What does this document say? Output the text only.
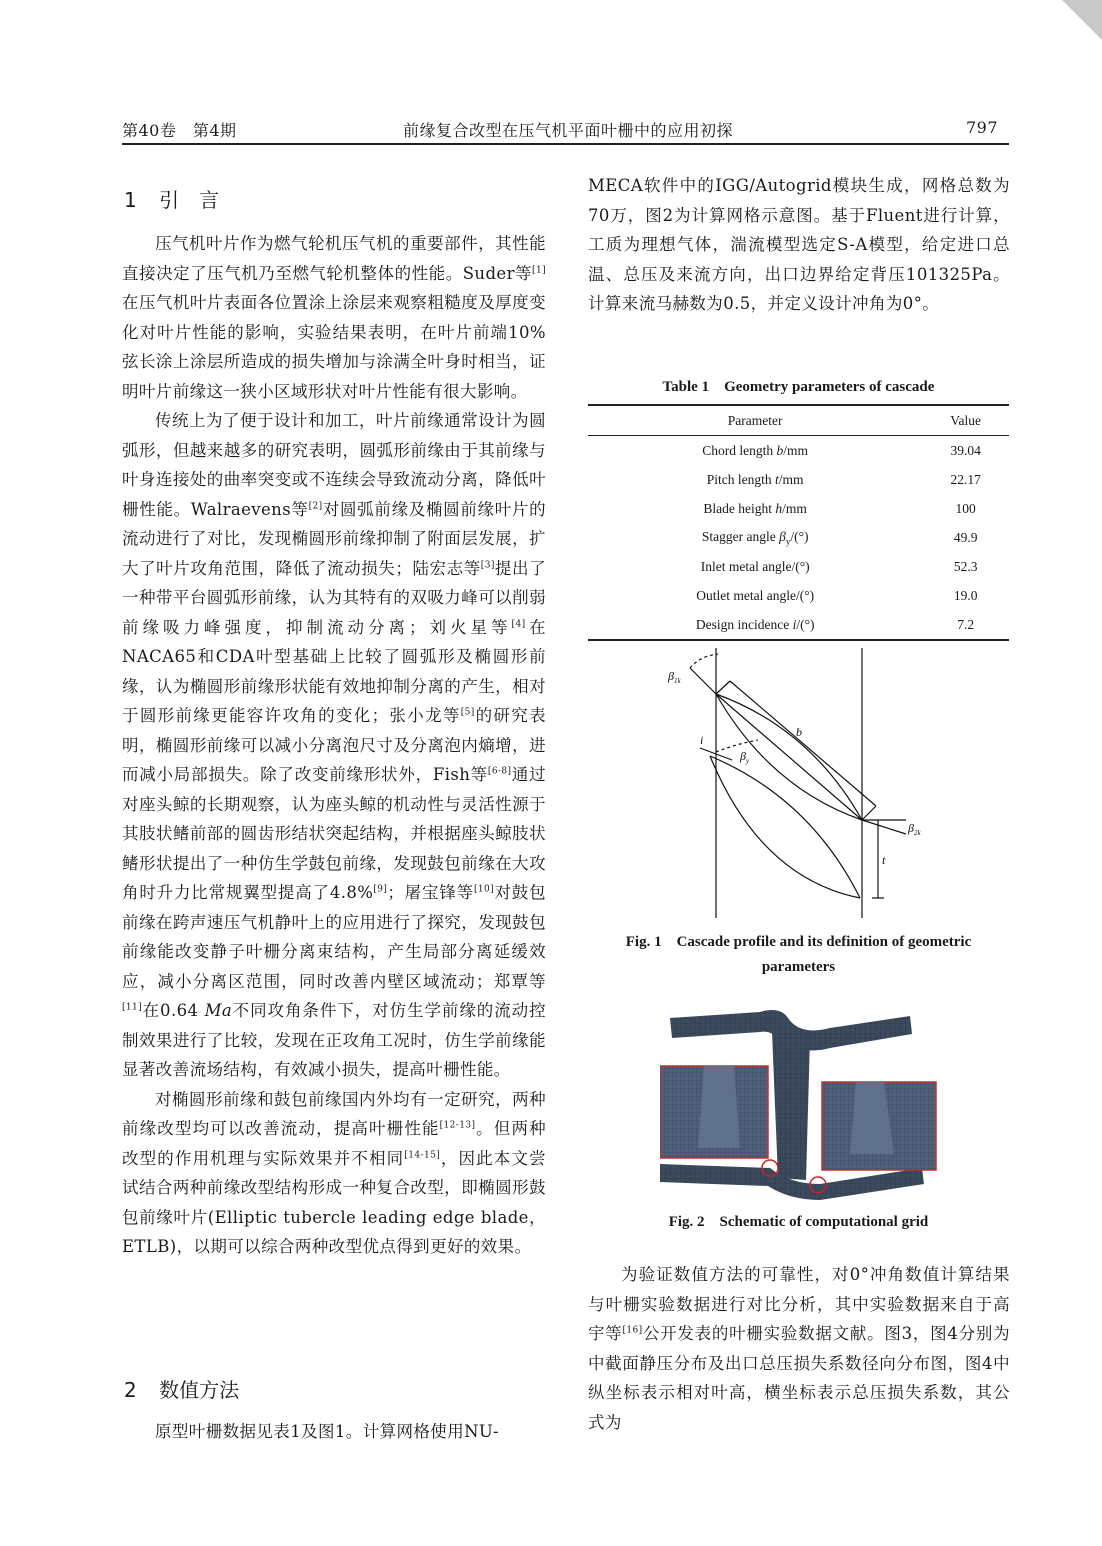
第40卷　第4期	前缘复合改型在压气机平面叶栅中的应用初探	797
1 引　言

压气机叶片作为燃气轮机压气机的重要部件，其性能直接决定了压气机乃至燃气轮机整体的性能。Suder等[1]在压气机叶片表面各位置涂上涂层来观察粗糙度及厚度变化对叶片性能的影响，实验结果表明，在叶片前端10%弦长涂上涂层所造成的损失增加与涂满全叶身时相当，证明叶片前缘这一狭小区域形状对叶片性能有很大影响。

传统上为了便于设计和加工，叶片前缘通常设计为圆弧形，但越来越多的研究表明，圆弧形前缘由于其前缘与叶身连接处的曲率突变或不连续会导致流动分离，降低叶栅性能。Walraevens等[2]对圆弧前缘及椭圆前缘叶片的流动进行了对比，发现椭圆形前缘抑制了附面层发展，扩大了叶片攻角范围，降低了流动损失；陆宏志等[3]提出了一种带平台圆弧形前缘，认为其特有的双吸力峰可以削弱前缘吸力峰强度，抑制流动分离；刘火星等[4]在NACA65和CDA叶型基础上比较了圆弧形及椭圆形前缘，认为椭圆形前缘形状能有效地抑制分离的产生，相对于圆形前缘更能容许攻角的变化；张小龙等[5]的研究表明，椭圆形前缘可以减小分离泡尺寸及分离泡内熵增，进而减小局部损失。除了改变前缘形状外，Fish等[6-8]通过对座头鲸的长期观察，认为座头鲸的机动性与灵活性源于其肢状鳍前部的圆齿形结状突起结构，并根据座头鲸肢状鳍形状提出了一种仿生学鼓包前缘，发现鼓包前缘在大攻角时升力比常规翼型提高了4.8%[9]；屠宝锋等[10]对鼓包前缘在跨声速压气机静叶上的应用进行了探究，发现鼓包前缘能改变静子叶栅分离束结构，产生局部分离延缓效应，减小分离区范围，同时改善内壁区域流动；郑覃等[11]在0.64 Ma不同攻角条件下，对仿生学前缘的流动控制效果进行了比较，发现在正攻角工况时，仿生学前缘能显著改善流场结构，有效减小损失，提高叶栅性能。

对椭圆形前缘和鼓包前缘国内外均有一定研究，两种前缘改型均可以改善流动，提高叶栅性能[12-13]。但两种改型的作用机理与实际效果并不相同[14-15]，因此本文尝试结合两种前缘改型结构形成一种复合改型，即椭圆形鼓包前缘叶片(Elliptic tubercle leading edge blade，ETLB)，以期可以综合两种改型优点得到更好的效果。

2 数值方法

原型叶栅数据见表1及图1。计算网格使用NU-

MECA软件中的IGG/Autogrid模块生成，网格总数为70万，图2为计算网格示意图。基于Fluent进行计算，工质为理想气体，湍流模型选定S-A模型，给定进口总温、总压及来流方向，出口边界给定背压101325Pa。计算来流马赫数为0.5，并定义设计冲角为0°。

Table 1　Geometry parameters of cascade
Parameter	Value
Chord length b/mm	39.04
Pitch length t/mm	22.17
Blade height h/mm	100
Stagger angle $\beta_y/(^\circ)$	49.9
Inlet metal angle/(°)	52.3
Outlet metal angle/(°)	19.0
Design incidence i/(°)	7.2
$\beta_{1k}$
b
i
$\beta_y$
$\beta_{2k}$
t
Fig. 1　Cascade profile and its definition of geometric
parameters
Fig. 2　Schematic of computational grid

为验证数值方法的可靠性，对0°冲角数值计算结果与叶栅实验数据进行对比分析，其中实验数据来自于高宇等[16]公开发表的叶栅实验数据文献。图3，图4分别为中截面静压分布及出口总压损失系数径向分布图，图4中纵坐标表示相对叶高，横坐标表示总压损失系数，其公式为
